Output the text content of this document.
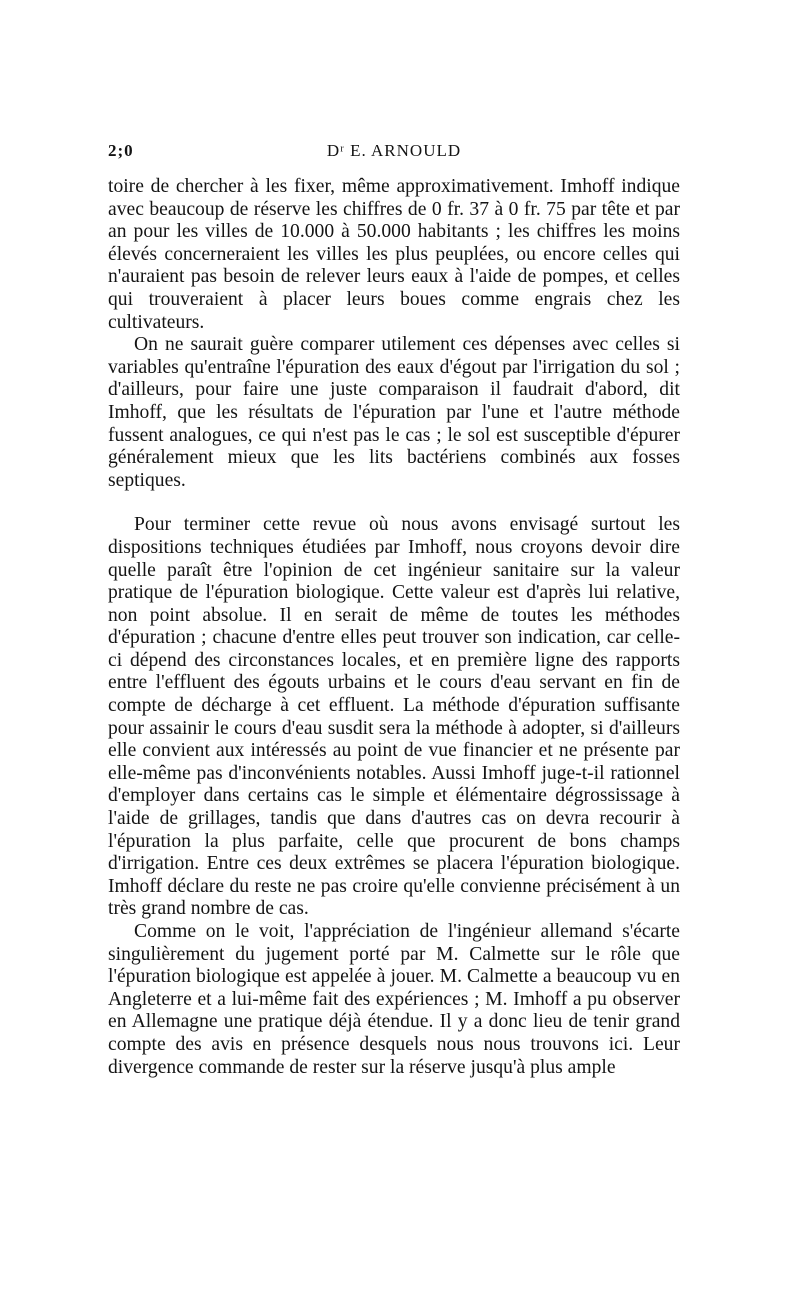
2;0	Dʳ E. ARNOULD

toire de chercher à les fixer, même approximativement. Imhoff indique avec beaucoup de réserve les chiffres de 0 fr. 37 à 0 fr. 75 par tête et par an pour les villes de 10.000 à 50.000 habitants ; les chiffres les moins élevés concerneraient les villes les plus peuplées, ou encore celles qui n'auraient pas besoin de relever leurs eaux à l'aide de pompes, et celles qui trouveraient à placer leurs boues comme engrais chez les cultivateurs.

On ne saurait guère comparer utilement ces dépenses avec celles si variables qu'entraîne l'épuration des eaux d'égout par l'irrigation du sol ; d'ailleurs, pour faire une juste comparaison il faudrait d'abord, dit Imhoff, que les résultats de l'épuration par l'une et l'autre méthode fussent analogues, ce qui n'est pas le cas ; le sol est susceptible d'épurer généralement mieux que les lits bactériens combinés aux fosses septiques.

Pour terminer cette revue où nous avons envisagé surtout les dispositions techniques étudiées par Imhoff, nous croyons devoir dire quelle paraît être l'opinion de cet ingénieur sanitaire sur la valeur pratique de l'épuration biologique. Cette valeur est d'après lui relative, non point absolue. Il en serait de même de toutes les méthodes d'épuration ; chacune d'entre elles peut trouver son indication, car celle-ci dépend des circonstances locales, et en première ligne des rapports entre l'effluent des égouts urbains et le cours d'eau servant en fin de compte de décharge à cet effluent. La méthode d'épuration suffisante pour assainir le cours d'eau susdit sera la méthode à adopter, si d'ailleurs elle convient aux intéressés au point de vue financier et ne présente par elle-même pas d'inconvénients notables. Aussi Imhoff juge-t-il rationnel d'employer dans certains cas le simple et élémentaire dégrossissage à l'aide de grillages, tandis que dans d'autres cas on devra recourir à l'épuration la plus parfaite, celle que procurent de bons champs d'irrigation. Entre ces deux extrêmes se placera l'épuration biologique. Imhoff déclare du reste ne pas croire qu'elle convienne précisément à un très grand nombre de cas.

Comme on le voit, l'appréciation de l'ingénieur allemand s'écarte singulièrement du jugement porté par M. Calmette sur le rôle que l'épuration biologique est appelée à jouer. M. Calmette a beaucoup vu en Angleterre et a lui-même fait des expériences ; M. Imhoff a pu observer en Allemagne une pratique déjà étendue. Il y a donc lieu de tenir grand compte des avis en présence desquels nous nous trouvons ici. Leur divergence commande de rester sur la réserve jusqu'à plus ample
